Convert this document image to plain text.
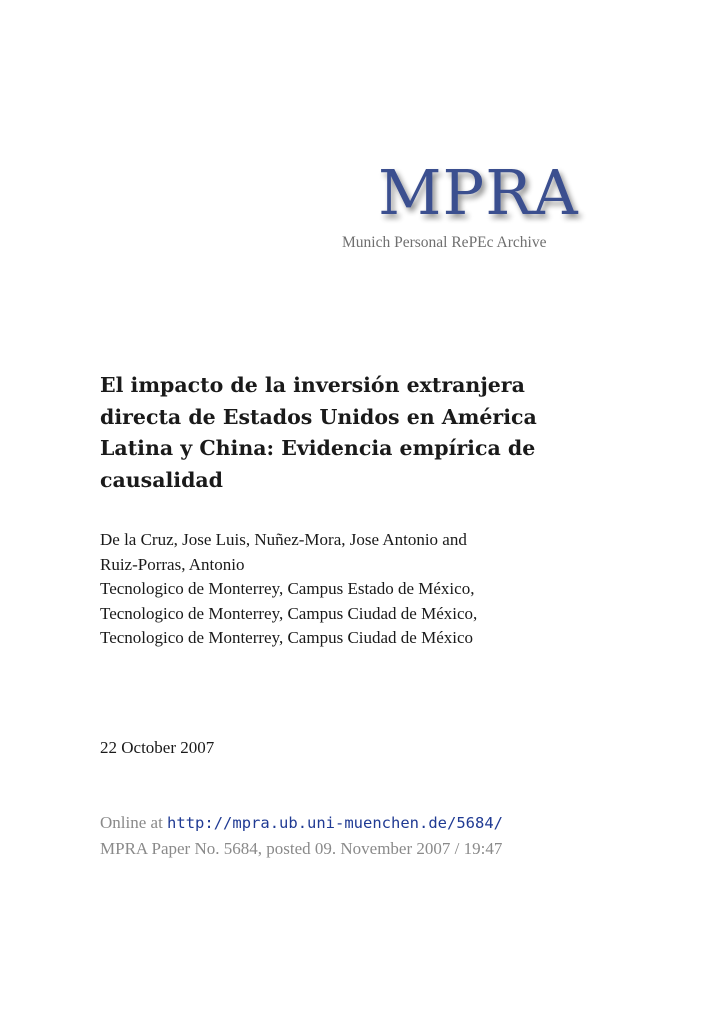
MPRA
Munich Personal RePEc Archive
El impacto de la inversión extranjera
directa de Estados Unidos en América
Latina y China: Evidencia empírica de
causalidad
De la Cruz, Jose Luis, Nuñez-Mora, Jose Antonio and
Ruiz-Porras, Antonio
Tecnologico de Monterrey, Campus Estado de México,
Tecnologico de Monterrey, Campus Ciudad de México,
Tecnologico de Monterrey, Campus Ciudad de México
22 October 2007
Online at http://mpra.ub.uni-muenchen.de/5684/
MPRA Paper No. 5684, posted 09. November 2007 / 19:47
